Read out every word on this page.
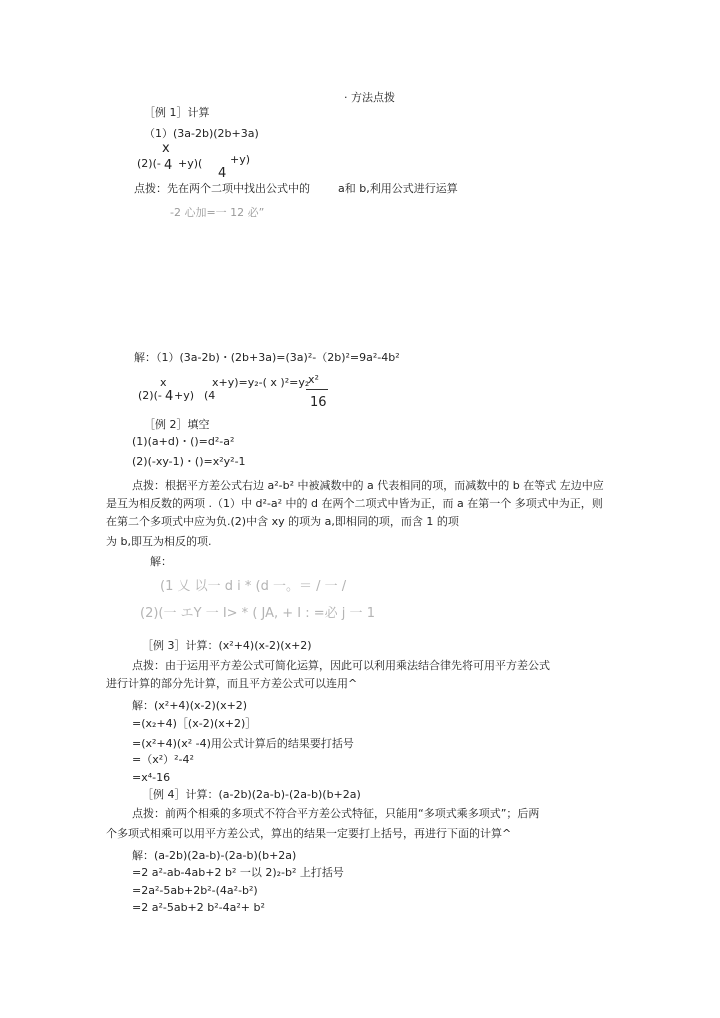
· 方法点拨
［例 1］计算
（1）(3a-2b)(2b+3a)
x
(2)(- 4 +y)(
4
+y)
点拨：先在两个二项中找出公式中的	a和 b,利用公式进行运算
-2 心加=一 12 必”
解：（1）(3a-2b)・(2b+3a)=(3a)²-（2b)²=9a²-4b²
x	x+y)=y₂-( x )²=y₂
x²
16
(2)(- 4 +y) (4
［例 2］填空
(1)(a+d)・()=d²-a²
(2)(-xy-1)・()=x²y²-1
点拨：根据平方差公式右边 a²-b² 中被减数中的 a 代表相同的项，而减数中的 b 在等式 左边中应
是互为相反数的两项 .（1）中 d²-a² 中的 d 在两个二项式中皆为正，而 a 在第一个 多项式中为正，则
在第二个多项式中应为负.(2)中含 xy 的项为 a,即相同的项，而含 1 的项
为 b,即互为相反的项.
解：
(1 乂 以一 d i * (d 一。＝ / 一 /
(2)(一 エY 一 I> * ( JA, + I : =必 j 一 1
［例 3］计算：(x²+4)(x-2)(x+2)
点拨：由于运用平方差公式可简化运算，因此可以利用乘法结合律先将可用平方差公式
进行计算的部分先计算，而且平方差公式可以连用^
解：(x²+4)(x-2)(x+2)
=(x₂+4)［(x-2)(x+2)］
=(x²+4)(x² -4)用公式计算后的结果要打括号
=（x²）²-4²
=x⁴-16
［例 4］计算：(a-2b)(2a-b)-(2a-b)(b+2a)
点拨：前两个相乘的多项式不符合平方差公式特征，只能用“多项式乘多项式”；后两
个多项式相乘可以用平方差公式，算出的结果一定要打上括号，再进行下面的计算^
解：(a-2b)(2a-b)-(2a-b)(b+2a)
=2 a²-ab-4ab+2 b² 一以 2)₂-b² 上打括号
=2a²-5ab+2b²-(4a²-b²)
=2 a²-5ab+2 b²-4a²+ b²
